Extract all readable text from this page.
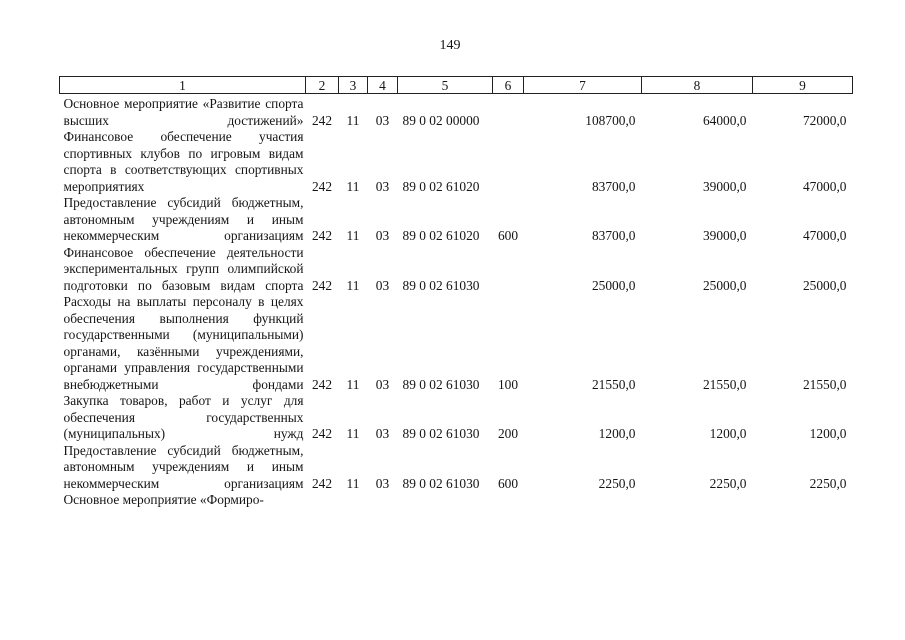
149
1	2	3	4	5	6	7	8	9
Основное мероприятие «Развитие спорта высших достижений»	242	11	03	89 0 02 00000		108700,0	64000,0	72000,0
Финансовое обеспечение участия спортивных клубов по игровым видам спорта в соответствующих спортивных мероприятиях	242	11	03	89 0 02 61020		83700,0	39000,0	47000,0
Предоставление субсидий бюджетным, автономным учреждениям и иным некоммерческим организациям	242	11	03	89 0 02 61020	600	83700,0	39000,0	47000,0
Финансовое обеспечение деятельности экспериментальных групп олимпийской подготовки по базовым видам спорта	242	11	03	89 0 02 61030		25000,0	25000,0	25000,0
Расходы на выплаты персоналу в целях обеспечения выполнения функций государственными (муниципальными) органами, казёнными учреждениями, органами управления государственными внебюджетными фондами	242	11	03	89 0 02 61030	100	21550,0	21550,0	21550,0
Закупка товаров, работ и услуг для обеспечения государственных (муниципальных) нужд	242	11	03	89 0 02 61030	200	1200,0	1200,0	1200,0
Предоставление субсидий бюджетным, автономным учреждениям и иным некоммерческим организациям	242	11	03	89 0 02 61030	600	2250,0	2250,0	2250,0
Основное мероприятие «Формиро-								
